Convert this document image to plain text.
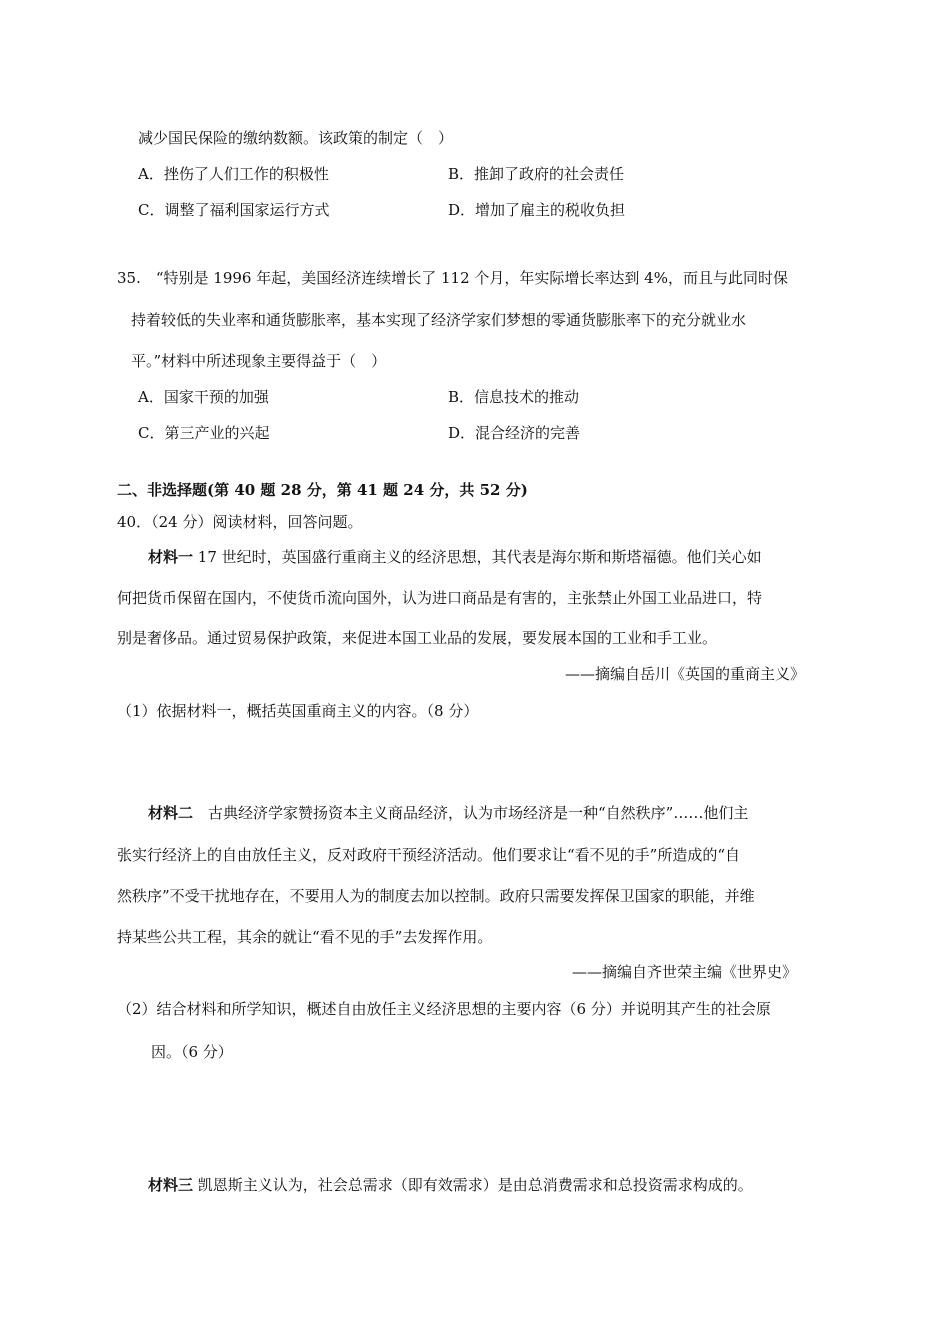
减少国民保险的缴纳数额。该政策的制定（　）
A．挫伤了人们工作的积极性	B．推卸了政府的社会责任
C．调整了福利国家运行方式	D．增加了雇主的税收负担
35.　“特别是 1996 年起，美国经济连续增长了 112 个月，年实际增长率达到 4%，而且与此同时保
持着较低的失业率和通货膨胀率，基本实现了经济学家们梦想的零通货膨胀率下的充分就业水
平。”材料中所述现象主要得益于（　）
A．国家干预的加强	B．信息技术的推动
C．第三产业的兴起	D．混合经济的完善
二、非选择题(第 40 题 28 分，第 41 题 24 分，共 52 分)
40．（24 分）阅读材料，回答问题。
材料一 17 世纪时，英国盛行重商主义的经济思想，其代表是海尔斯和斯塔福德。他们关心如
何把货币保留在国内，不使货币流向国外，认为进口商品是有害的，主张禁止外国工业品进口，特
别是奢侈品。通过贸易保护政策，来促进本国工业品的发展，要发展本国的工业和手工业。
——摘编自岳川《英国的重商主义》
（1）依据材料一，概括英国重商主义的内容。（8 分）
材料二　古典经济学家赞扬资本主义商品经济，认为市场经济是一种“自然秩序”……他们主
张实行经济上的自由放任主义，反对政府干预经济活动。他们要求让“看不见的手”所造成的“自
然秩序”不受干扰地存在，不要用人为的制度去加以控制。政府只需要发挥保卫国家的职能，并维
持某些公共工程，其余的就让“看不见的手”去发挥作用。
——摘编自齐世荣主编《世界史》
（2）结合材料和所学知识，概述自由放任主义经济思想的主要内容（6 分）并说明其产生的社会原
因。（6 分）
材料三 凯恩斯主义认为，社会总需求（即有效需求）是由总消费需求和总投资需求构成的。
